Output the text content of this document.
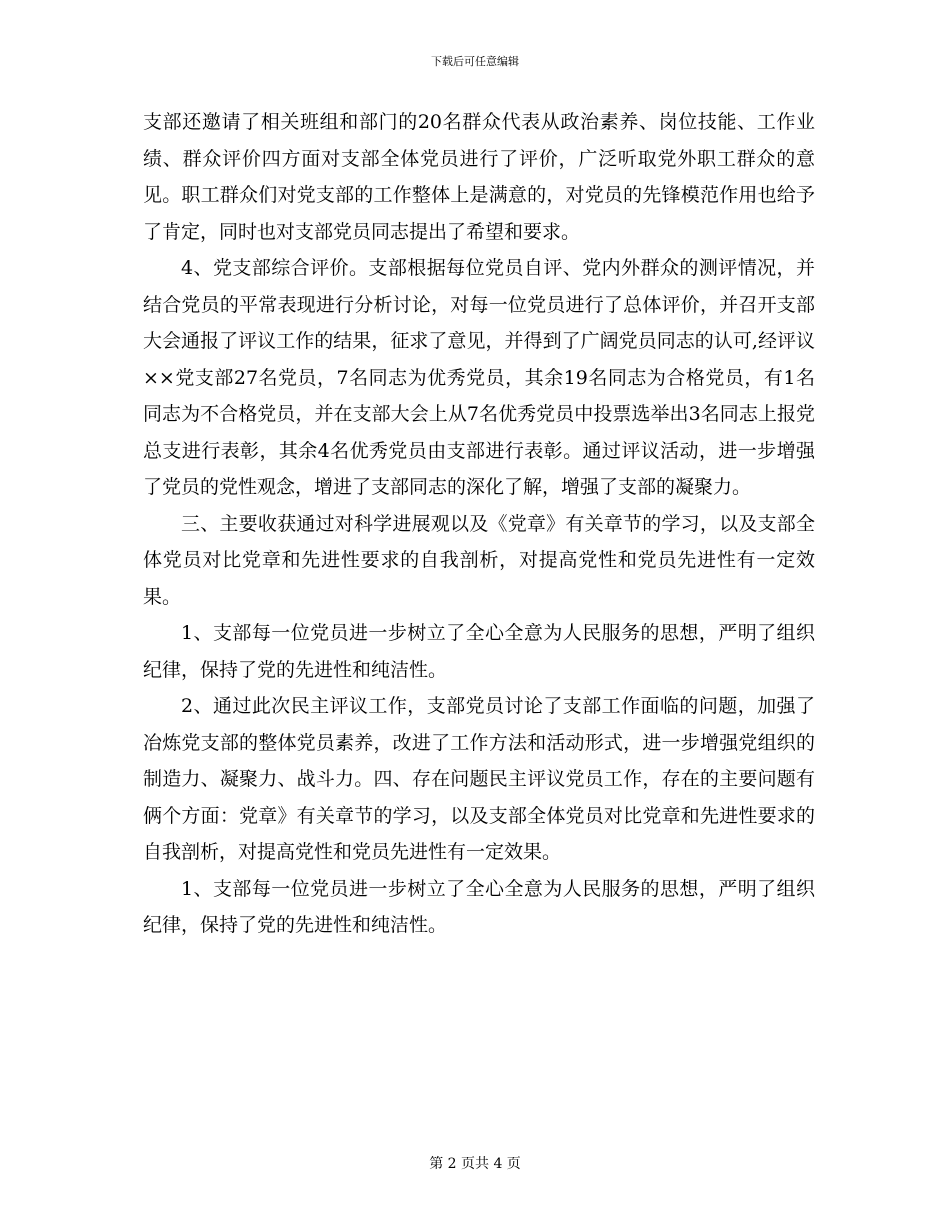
下载后可任意编辑

支部还邀请了相关班组和部门的20名群众代表从政治素养、岗位技能、工作业绩、群众评价四方面对支部全体党员进行了评价，广泛听取党外职工群众的意见。职工群众们对党支部的工作整体上是满意的，对党员的先锋模范作用也给予了肯定，同时也对支部党员同志提出了希望和要求。

4、党支部综合评价。支部根据每位党员自评、党内外群众的测评情况，并结合党员的平常表现进行分析讨论，对每一位党员进行了总体评价，并召开支部大会通报了评议工作的结果，征求了意见，并得到了广阔党员同志的认可,经评议××党支部27名党员，7名同志为优秀党员，其余19名同志为合格党员，有1名同志为不合格党员，并在支部大会上从7名优秀党员中投票选举出3名同志上报党总支进行表彰，其余4名优秀党员由支部进行表彰。通过评议活动，进一步增强了党员的党性观念，增进了支部同志的深化了解，增强了支部的凝聚力。

三、主要收获通过对科学进展观以及《党章》有关章节的学习，以及支部全体党员对比党章和先进性要求的自我剖析，对提高党性和党员先进性有一定效果。

1、支部每一位党员进一步树立了全心全意为人民服务的思想，严明了组织纪律，保持了党的先进性和纯洁性。

2、通过此次民主评议工作，支部党员讨论了支部工作面临的问题，加强了冶炼党支部的整体党员素养，改进了工作方法和活动形式，进一步增强党组织的制造力、凝聚力、战斗力。四、存在问题民主评议党员工作，存在的主要问题有俩个方面：党章》有关章节的学习，以及支部全体党员对比党章和先进性要求的自我剖析，对提高党性和党员先进性有一定效果。

1、支部每一位党员进一步树立了全心全意为人民服务的思想，严明了组织纪律，保持了党的先进性和纯洁性。

第 2 页共 4 页
